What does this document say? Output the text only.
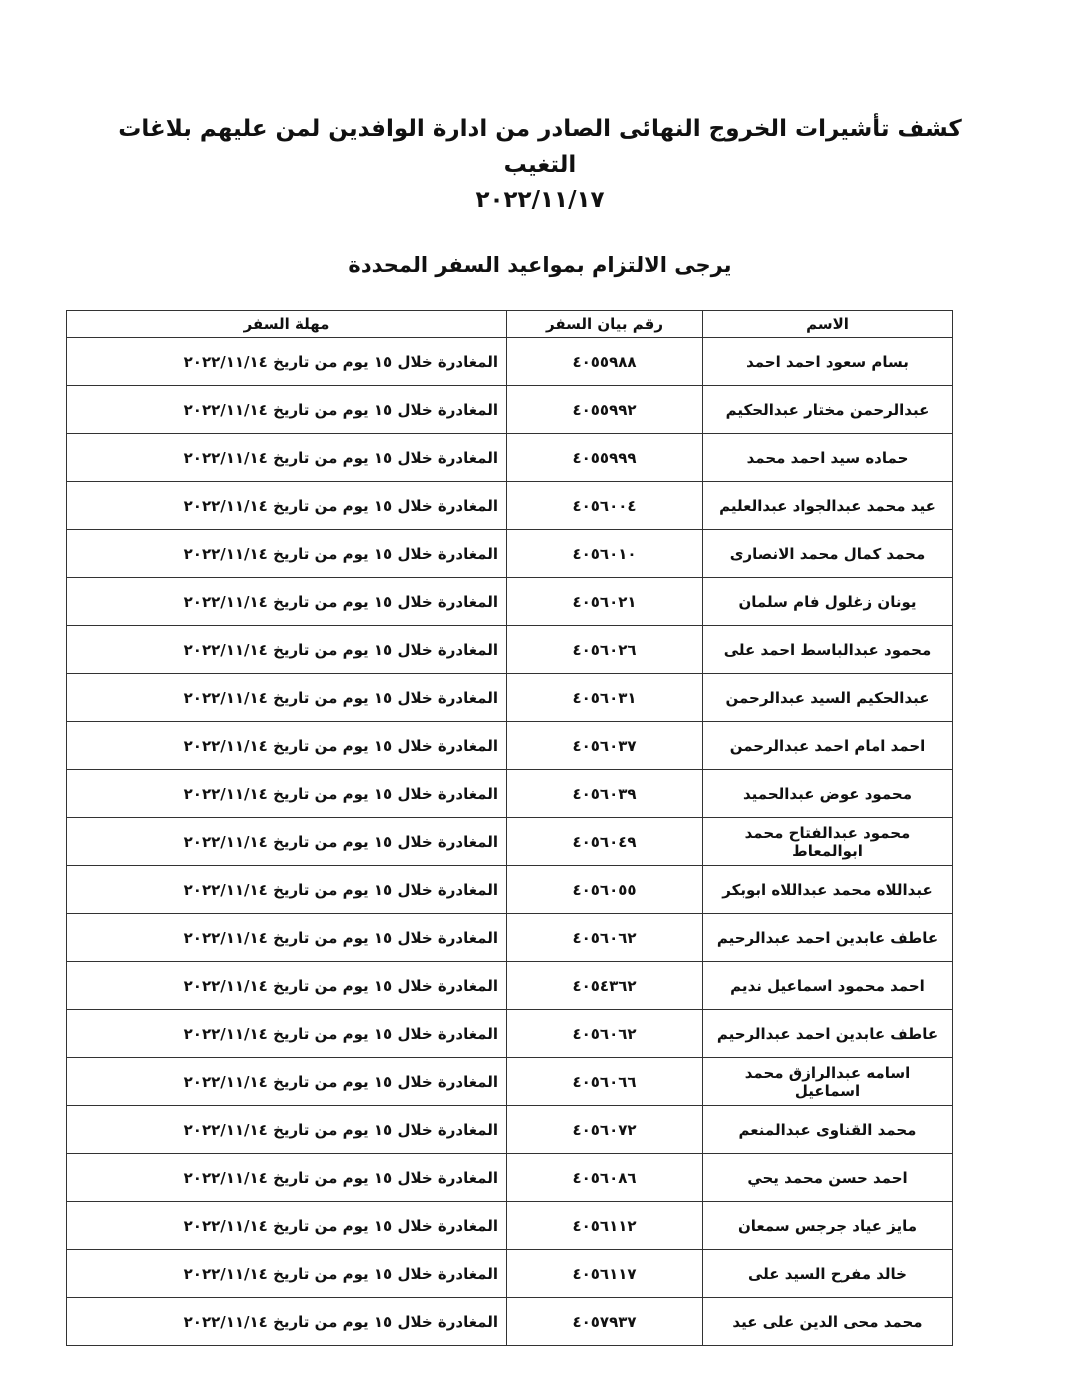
كشف تأشيرات الخروج النهائى الصادر من ادارة الوافدين لمن عليهم بلاغات التغيب
٢٠٢٢/١١/١٧
يرجى الالتزام بمواعيد السفر المحددة
الاسم	رقم بيان السفر	مهلة السفر
بسام سعود احمد احمد	٤٠٥٥٩٨٨	المغادرة خلال ١٥ يوم من تاريخ ٢٠٢٢/١١/١٤
عبدالرحمن مختار عبدالحكيم	٤٠٥٥٩٩٢	المغادرة خلال ١٥ يوم من تاريخ ٢٠٢٢/١١/١٤
حماده سيد احمد محمد	٤٠٥٥٩٩٩	المغادرة خلال ١٥ يوم من تاريخ ٢٠٢٢/١١/١٤
عيد محمد عبدالجواد عبدالعليم	٤٠٥٦٠٠٤	المغادرة خلال ١٥ يوم من تاريخ ٢٠٢٢/١١/١٤
محمد كمال محمد الانصارى	٤٠٥٦٠١٠	المغادرة خلال ١٥ يوم من تاريخ ٢٠٢٢/١١/١٤
يونان زغلول فام سلمان	٤٠٥٦٠٢١	المغادرة خلال ١٥ يوم من تاريخ ٢٠٢٢/١١/١٤
محمود عبدالباسط احمد على	٤٠٥٦٠٢٦	المغادرة خلال ١٥ يوم من تاريخ ٢٠٢٢/١١/١٤
عبدالحكيم السيد عبدالرحمن	٤٠٥٦٠٣١	المغادرة خلال ١٥ يوم من تاريخ ٢٠٢٢/١١/١٤
احمد امام احمد عبدالرحمن	٤٠٥٦٠٣٧	المغادرة خلال ١٥ يوم من تاريخ ٢٠٢٢/١١/١٤
محمود عوض عبدالحميد	٤٠٥٦٠٣٩	المغادرة خلال ١٥ يوم من تاريخ ٢٠٢٢/١١/١٤
محمود عبدالفتاح محمد ابوالمعاط	٤٠٥٦٠٤٩	المغادرة خلال ١٥ يوم من تاريخ ٢٠٢٢/١١/١٤
عبداللاه محمد عبداللاه ابوبكر	٤٠٥٦٠٥٥	المغادرة خلال ١٥ يوم من تاريخ ٢٠٢٢/١١/١٤
عاطف عابدين احمد عبدالرحيم	٤٠٥٦٠٦٢	المغادرة خلال ١٥ يوم من تاريخ ٢٠٢٢/١١/١٤
احمد محمود اسماعيل نديم	٤٠٥٤٣٦٢	المغادرة خلال ١٥ يوم من تاريخ ٢٠٢٢/١١/١٤
عاطف عابدين احمد عبدالرحيم	٤٠٥٦٠٦٢	المغادرة خلال ١٥ يوم من تاريخ ٢٠٢٢/١١/١٤
اسامه عبدالرازق محمد اسماعيل	٤٠٥٦٠٦٦	المغادرة خلال ١٥ يوم من تاريخ ٢٠٢٢/١١/١٤
محمد القناوى عبدالمنعم	٤٠٥٦٠٧٢	المغادرة خلال ١٥ يوم من تاريخ ٢٠٢٢/١١/١٤
احمد حسن محمد يحي	٤٠٥٦٠٨٦	المغادرة خلال ١٥ يوم من تاريخ ٢٠٢٢/١١/١٤
مايز عياد جرجس سمعان	٤٠٥٦١١٢	المغادرة خلال ١٥ يوم من تاريخ ٢٠٢٢/١١/١٤
خالد مفرح السيد على	٤٠٥٦١١٧	المغادرة خلال ١٥ يوم من تاريخ ٢٠٢٢/١١/١٤
محمد محى الدين على عيد	٤٠٥٧٩٣٧	المغادرة خلال ١٥ يوم من تاريخ ٢٠٢٢/١١/١٤
